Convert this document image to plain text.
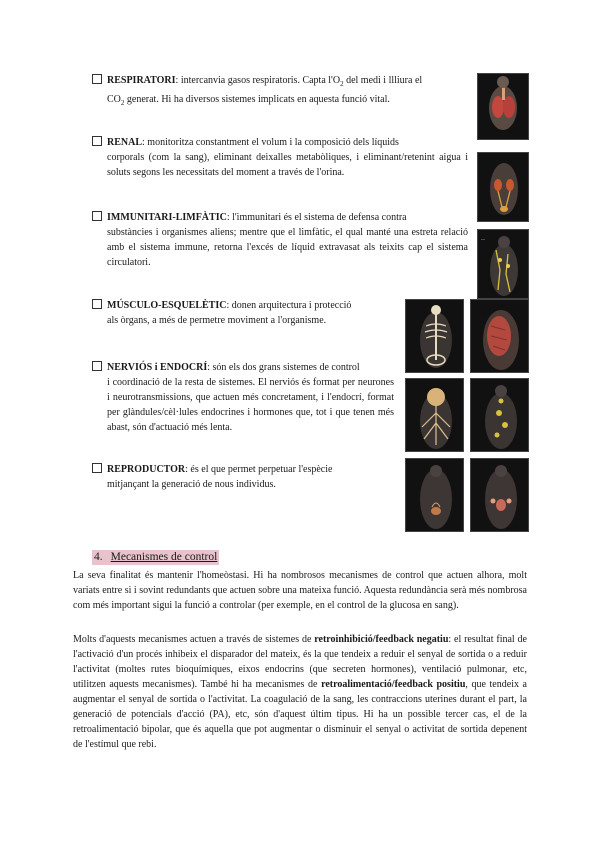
RESPIRATORI: intercanvia gasos respiratoris. Capta $l'O_2$ del medi i llliura el
$CO_2$ generat. Hi ha diversos sistemes implicats en aquesta funció vital.
RENAL: monitoritza constantment el volum i la composició dels líquids

corporals (com la sang), eliminant deixalles metabòliques, i eliminant/retenint aigua i soluts segons les necessitats del moment a través de l'orina.
IMMUNITARI-LIMFÀTIC: l'immunitari és el sistema de defensa contra

substàncies i organismes aliens; mentre que el limfàtic, el qual manté una estreta relació amb el sistema immune, retorna l'excés de líquid extravasat als teixits cap el sistema circulatori.
—
MÚSCULO-ESQUELÈTIC: donen arquitectura i protecció

als òrgans, a més de permetre moviment a l'organisme.
NERVIÓS i ENDOCRÍ: són els dos grans sistemes de control

i coordinació de la resta de sistemes. El nerviós és format per neurones i neurotransmissions, que actuen més concretament, i l'endocrí, format per glàndules/cèl·lules endocrines i hormones que, tot i que tenen més abast, són d'actuació més lenta.
REPRODUCTOR: és el que permet perpetuar l'espècie

mitjançant la generació de nous individus.
4. Mecanismes de control
La seva finalitat és mantenir l'homeòstasi. Hi ha nombrosos mecanismes de control que actuen alhora, molt variats entre si i sovint redundants que actuen sobre una mateixa funció. Aquesta redundància serà més nombrosa com més important sigui la funció a controlar (per exemple, en el control de la glucosa en sang).
Molts d'aquests mecanismes actuen a través de sistemes de retroinhibició/feedback negatiu: el resultat final de l'activació d'un procés inhibeix el disparador del mateix, és la que tendeix a reduir el senyal de sortida o a reduir l'activitat (moltes rutes bioquímiques, eixos endocrins (que secreten hormones), ventilació pulmonar, etc, utilitzen aquests mecanismes). També hi ha mecanismes de retroalimentació/feedback positiu, que tendeix a augmentar el senyal de sortida o l'activitat. La coagulació de la sang, les contraccions uterines durant el part, la generació de potencials d'acció (PA), etc, són d'aquest últim tipus. Hi ha un possible tercer cas, el de la retroalimentació bipolar, que és aquella que pot augmentar o disminuir el senyal o activitat de sortida depenent de l'estímul que rebi.
